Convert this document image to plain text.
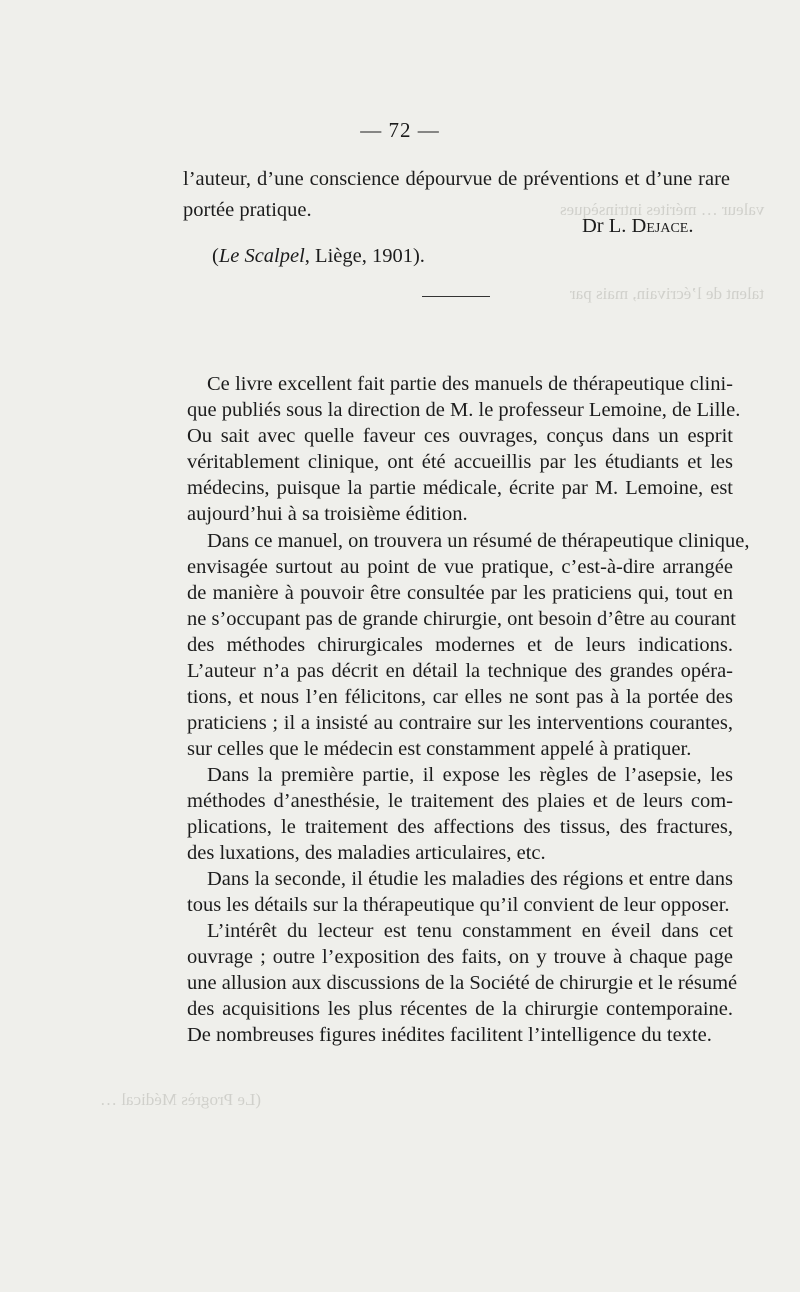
valeur … mérites intrinsèques
talent de l’écrivain, mais par
(Le Progrès Médical …
— 72 —
l’auteur, d’une conscience dépourvue de préventions et d’une rare
portée pratique.
Dr L. Dejace.
(Le Scalpel, Liège, 1901).
Ce livre excellent fait partie des manuels de thérapeutique clini-
que publiés sous la direction de M. le professeur Lemoine, de Lille.
Ou sait avec quelle faveur ces ouvrages, conçus dans un esprit
véritablement clinique, ont été accueillis par les étudiants et les
médecins, puisque la partie médicale, écrite par M. Lemoine, est
aujourd’hui à sa troisième édition.
Dans ce manuel, on trouvera un résumé de thérapeutique clinique,
envisagée surtout au point de vue pratique, c’est-à-dire arrangée
de manière à pouvoir être consultée par les praticiens qui, tout en
ne s’occupant pas de grande chirurgie, ont besoin d’être au courant
des méthodes chirurgicales modernes et de leurs indications.
L’auteur n’a pas décrit en détail la technique des grandes opéra-
tions, et nous l’en félicitons, car elles ne sont pas à la portée des
praticiens ; il a insisté au contraire sur les interventions courantes,
sur celles que le médecin est constamment appelé à pratiquer.
Dans la première partie, il expose les règles de l’asepsie, les
méthodes d’anesthésie, le traitement des plaies et de leurs com-
plications, le traitement des affections des tissus, des fractures,
des luxations, des maladies articulaires, etc.
Dans la seconde, il étudie les maladies des régions et entre dans
tous les détails sur la thérapeutique qu’il convient de leur opposer.
L’intérêt du lecteur est tenu constamment en éveil dans cet
ouvrage ; outre l’exposition des faits, on y trouve à chaque page
une allusion aux discussions de la Société de chirurgie et le résumé
des acquisitions les plus récentes de la chirurgie contemporaine.
De nombreuses figures inédites facilitent l’intelligence du texte.
